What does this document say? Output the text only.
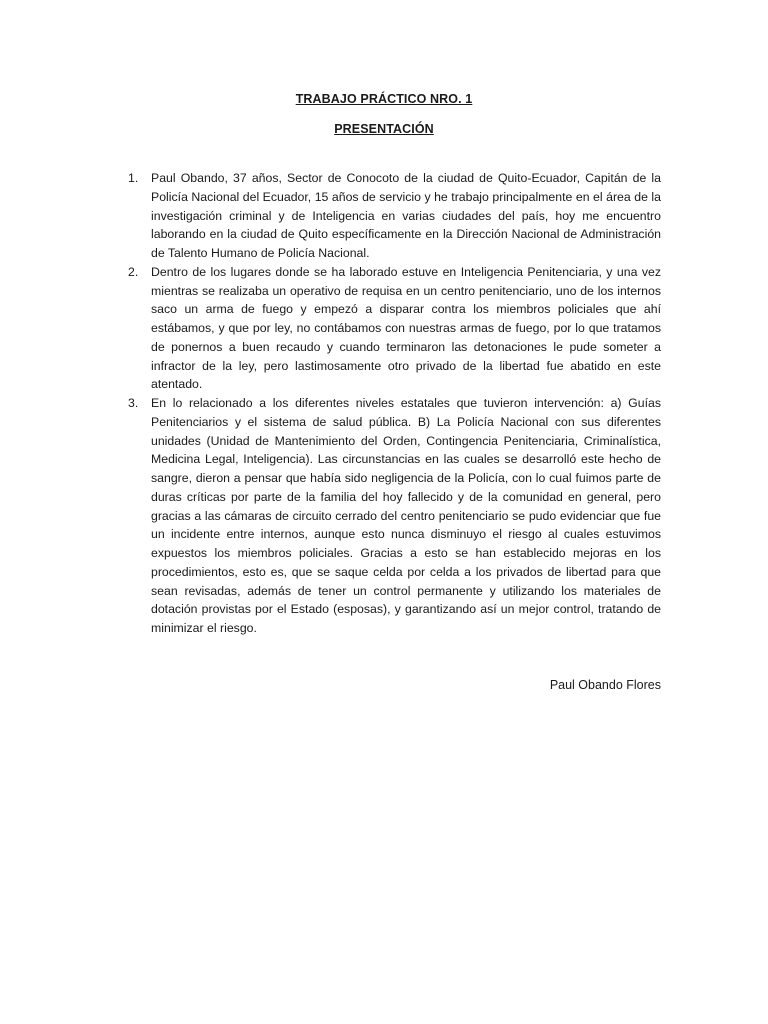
TRABAJO PRÁCTICO NRO. 1
PRESENTACIÓN
1. Paul Obando, 37 años, Sector de Conocoto de la ciudad de Quito-Ecuador, Capitán de la Policía Nacional del Ecuador, 15 años de servicio y he trabajo principalmente en el área de la investigación criminal y de Inteligencia en varias ciudades del país, hoy me encuentro laborando en la ciudad de Quito específicamente en la Dirección Nacional de Administración de Talento Humano de Policía Nacional.
2. Dentro de los lugares donde se ha laborado estuve en Inteligencia Penitenciaria, y una vez mientras se realizaba un operativo de requisa en un centro penitenciario, uno de los internos saco un arma de fuego y empezó a disparar contra los miembros policiales que ahí estábamos, y que por ley, no contábamos con nuestras armas de fuego, por lo que tratamos de ponernos a buen recaudo y cuando terminaron las detonaciones le pude someter a infractor de la ley, pero lastimosamente otro privado de la libertad fue abatido en este atentado.
3. En lo relacionado a los diferentes niveles estatales que tuvieron intervención: a) Guías Penitenciarios y el sistema de salud pública. B) La Policía Nacional con sus diferentes unidades (Unidad de Mantenimiento del Orden, Contingencia Penitenciaria, Criminalística, Medicina Legal, Inteligencia). Las circunstancias en las cuales se desarrolló este hecho de sangre, dieron a pensar que había sido negligencia de la Policía, con lo cual fuimos parte de duras críticas por parte de la familia del hoy fallecido y de la comunidad en general, pero gracias a las cámaras de circuito cerrado del centro penitenciario se pudo evidenciar que fue un incidente entre internos, aunque esto nunca disminuyo el riesgo al cuales estuvimos expuestos los miembros policiales. Gracias a esto se han establecido mejoras en los procedimientos, esto es, que se saque celda por celda a los privados de libertad para que sean revisadas, además de tener un control permanente y utilizando los materiales de dotación provistas por el Estado (esposas), y garantizando así un mejor control, tratando de minimizar el riesgo.
Paul Obando Flores
